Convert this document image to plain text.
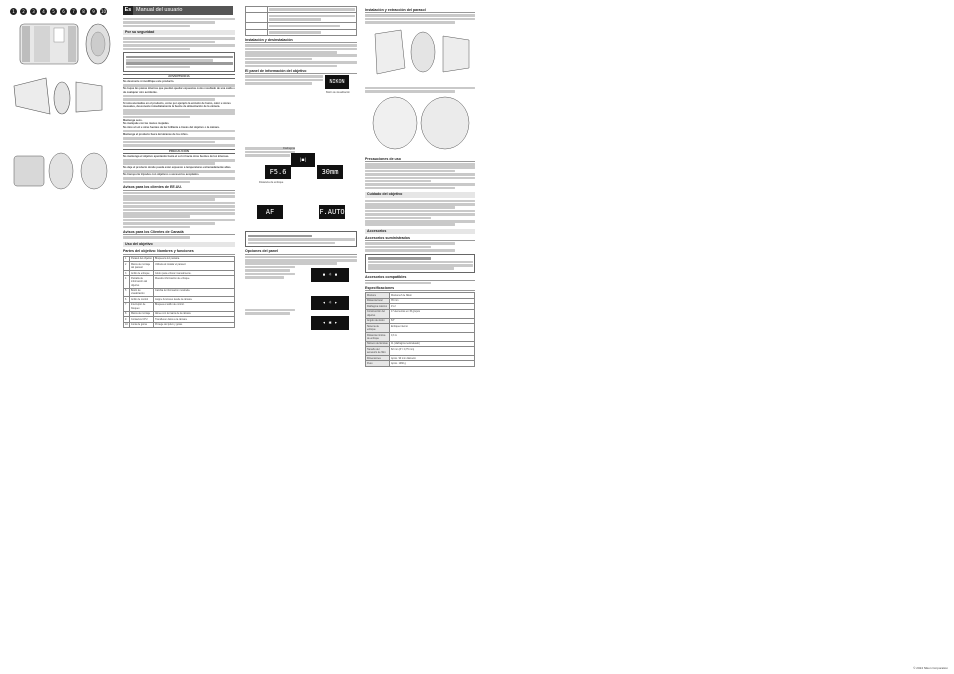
1	2	3	4	5	6	7	8	9	10	Es Manual del usuario
Por su seguridad
ADVERTENCIA
No desmonte ni modifique este producto.
No toque las piezas internas que puedan quedar expuestas como resultado de una caída o de cualquier otro accidente.
Si nota anomalías en el producto, como por ejemplo la emisión de humo, calor u olores inusuales, desconecte inmediatamente la fuente de alimentación de la cámara.
Mantenga seco.
No manipule con las manos mojadas.
No mire al sol u otras fuentes de luz brillante a través del objetivo o la cámara.
Mantenga el producto fuera del alcance de los niños.
PRECAUCIÓN
No mantenga el objetivo apuntando hacia el sol ni hacia otras fuentes de luz intensas.
No deje el producto donde pueda estar expuesto a temperaturas extremadamente altas.
No transporte trípodes con objetivos o accesorios acoplados.
Avisos para los clientes de EE.UU.
Avisos para los Clientes de Canadá
Uso del objetivo
Partes del objetivo: Nombres y funciones
1	Parasol del objetivo	Bloquea la luz parásita.
2	Marca de montaje del parasol	Utilícela al instalar el parasol.
3	Anillo de enfoque	Gírelo para enfocar manualmente.
4	Pantalla de información del objetivo	Muestra información de enfoque.
5	Botón de visualización	Cambia la información mostrada.
6	Anillo de control	Asigne funciones desde la cámara.
7	Interruptor de bloqueo	Bloquea el anillo de control.
8	Marca de montaje	Alinee con la marca de la cámara.
9	Contactos CPU	Transfieren datos a la cámara.
10	Junta de goma	Protege del polvo y gotas.

Instalación y desinstalación
El panel de información del objetivo
NIKON
Botón de visualización
Diafragma
F5.6	30mm
|■|
Distancia de enfoque
AF	F.AUTO
Opciones del panel
▪ ☼ ▪
◂ ☼ ▸
◂ ✱ ▸
Instalación y extracción del parasol
Precauciones de uso
Cuidado del objetivo
Accesorios
Accesorios suministrados
Accesorios compatibles
Especificaciones
Montura	Montura Z de Nikon
Distancia focal	35 mm
Diafragma máximo	f/1.2
Construcción del objetivo	17 elementos en 15 grupos
Ángulo de visión	63°
Sistema de enfoque	Enfoque interno
Distancia mínima de enfoque	0,3 m
Número de láminas	11 (diafragma redondeado)
Tamaño del accesorio de filtro	82 mm (P = 0,75 mm)
Dimensiones	Aprox. 90 mm diámetro
Peso	Aprox. 1060 g
© 2024 Nikon Corporation
